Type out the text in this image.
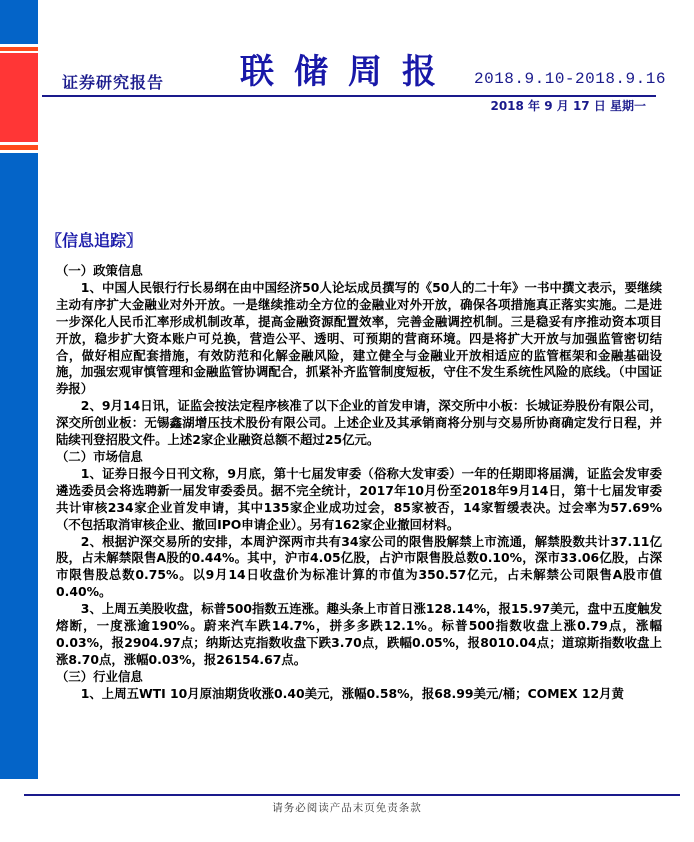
证券研究报告 联储周报 2018.9.10-2018.9.16
2018 年 9 月 17 日 星期一
〖信息追踪〗

（一）政策信息

1、中国人民银行行长易纲在由中国经济50人论坛成员撰写的《50人的二十年》一书中撰文表示，要继续主动有序扩大金融业对外开放。一是继续推动全方位的金融业对外开放，确保各项措施真正落实实施。二是进一步深化人民币汇率形成机制改革，提高金融资源配置效率，完善金融调控机制。三是稳妥有序推动资本项目开放，稳步扩大资本账户可兑换，营造公平、透明、可预期的营商环境。四是将扩大开放与加强监管密切结合，做好相应配套措施，有效防范和化解金融风险，建立健全与金融业开放相适应的监管框架和金融基础设施，加强宏观审慎管理和金融监管协调配合，抓紧补齐监管制度短板，守住不发生系统性风险的底线。（中国证券报）

2、9月14日讯，证监会按法定程序核准了以下企业的首发申请，深交所中小板：长城证券股份有限公司，深交所创业板：无锡鑫湖增压技术股份有限公司。上述企业及其承销商将分别与交易所协商确定发行日程，并陆续刊登招股文件。上述2家企业融资总额不超过25亿元。

（二）市场信息

1、证券日报今日刊文称，9月底，第十七届发审委（俗称大发审委）一年的任期即将届满，证监会发审委遴选委员会将选聘新一届发审委委员。据不完全统计，2017年10月份至2018年9月14日，第十七届发审委共计审核234家企业首发申请，其中135家企业成功过会，85家被否，14家暂缓表决。过会率为57.69%（不包括取消审核企业、撤回IPO申请企业）。另有162家企业撤回材料。

2、根据沪深交易所的安排，本周沪深两市共有34家公司的限售股解禁上市流通，解禁股数共计37.11亿股，占未解禁限售A股的0.44%。其中，沪市4.05亿股，占沪市限售股总数0.10%，深市33.06亿股，占深市限售股总数0.75%。以9月14日收盘价为标准计算的市值为350.57亿元，占未解禁公司限售A股市值0.40%。

3、上周五美股收盘，标普500指数五连涨。趣头条上市首日涨128.14%，报15.97美元，盘中五度触发熔断，一度涨逾190%。蔚来汽车跌14.7%，拼多多跌12.1%。标普500指数收盘上涨0.79点，涨幅0.03%，报2904.97点；纳斯达克指数收盘下跌3.70点，跌幅0.05%，报8010.04点；道琼斯指数收盘上涨8.70点，涨幅0.03%，报26154.67点。

（三）行业信息

1、上周五WTI 10月原油期货收涨0.40美元，涨幅0.58%，报68.99美元/桶；COMEX 12月黄

请务必阅读产品末页免责条款
